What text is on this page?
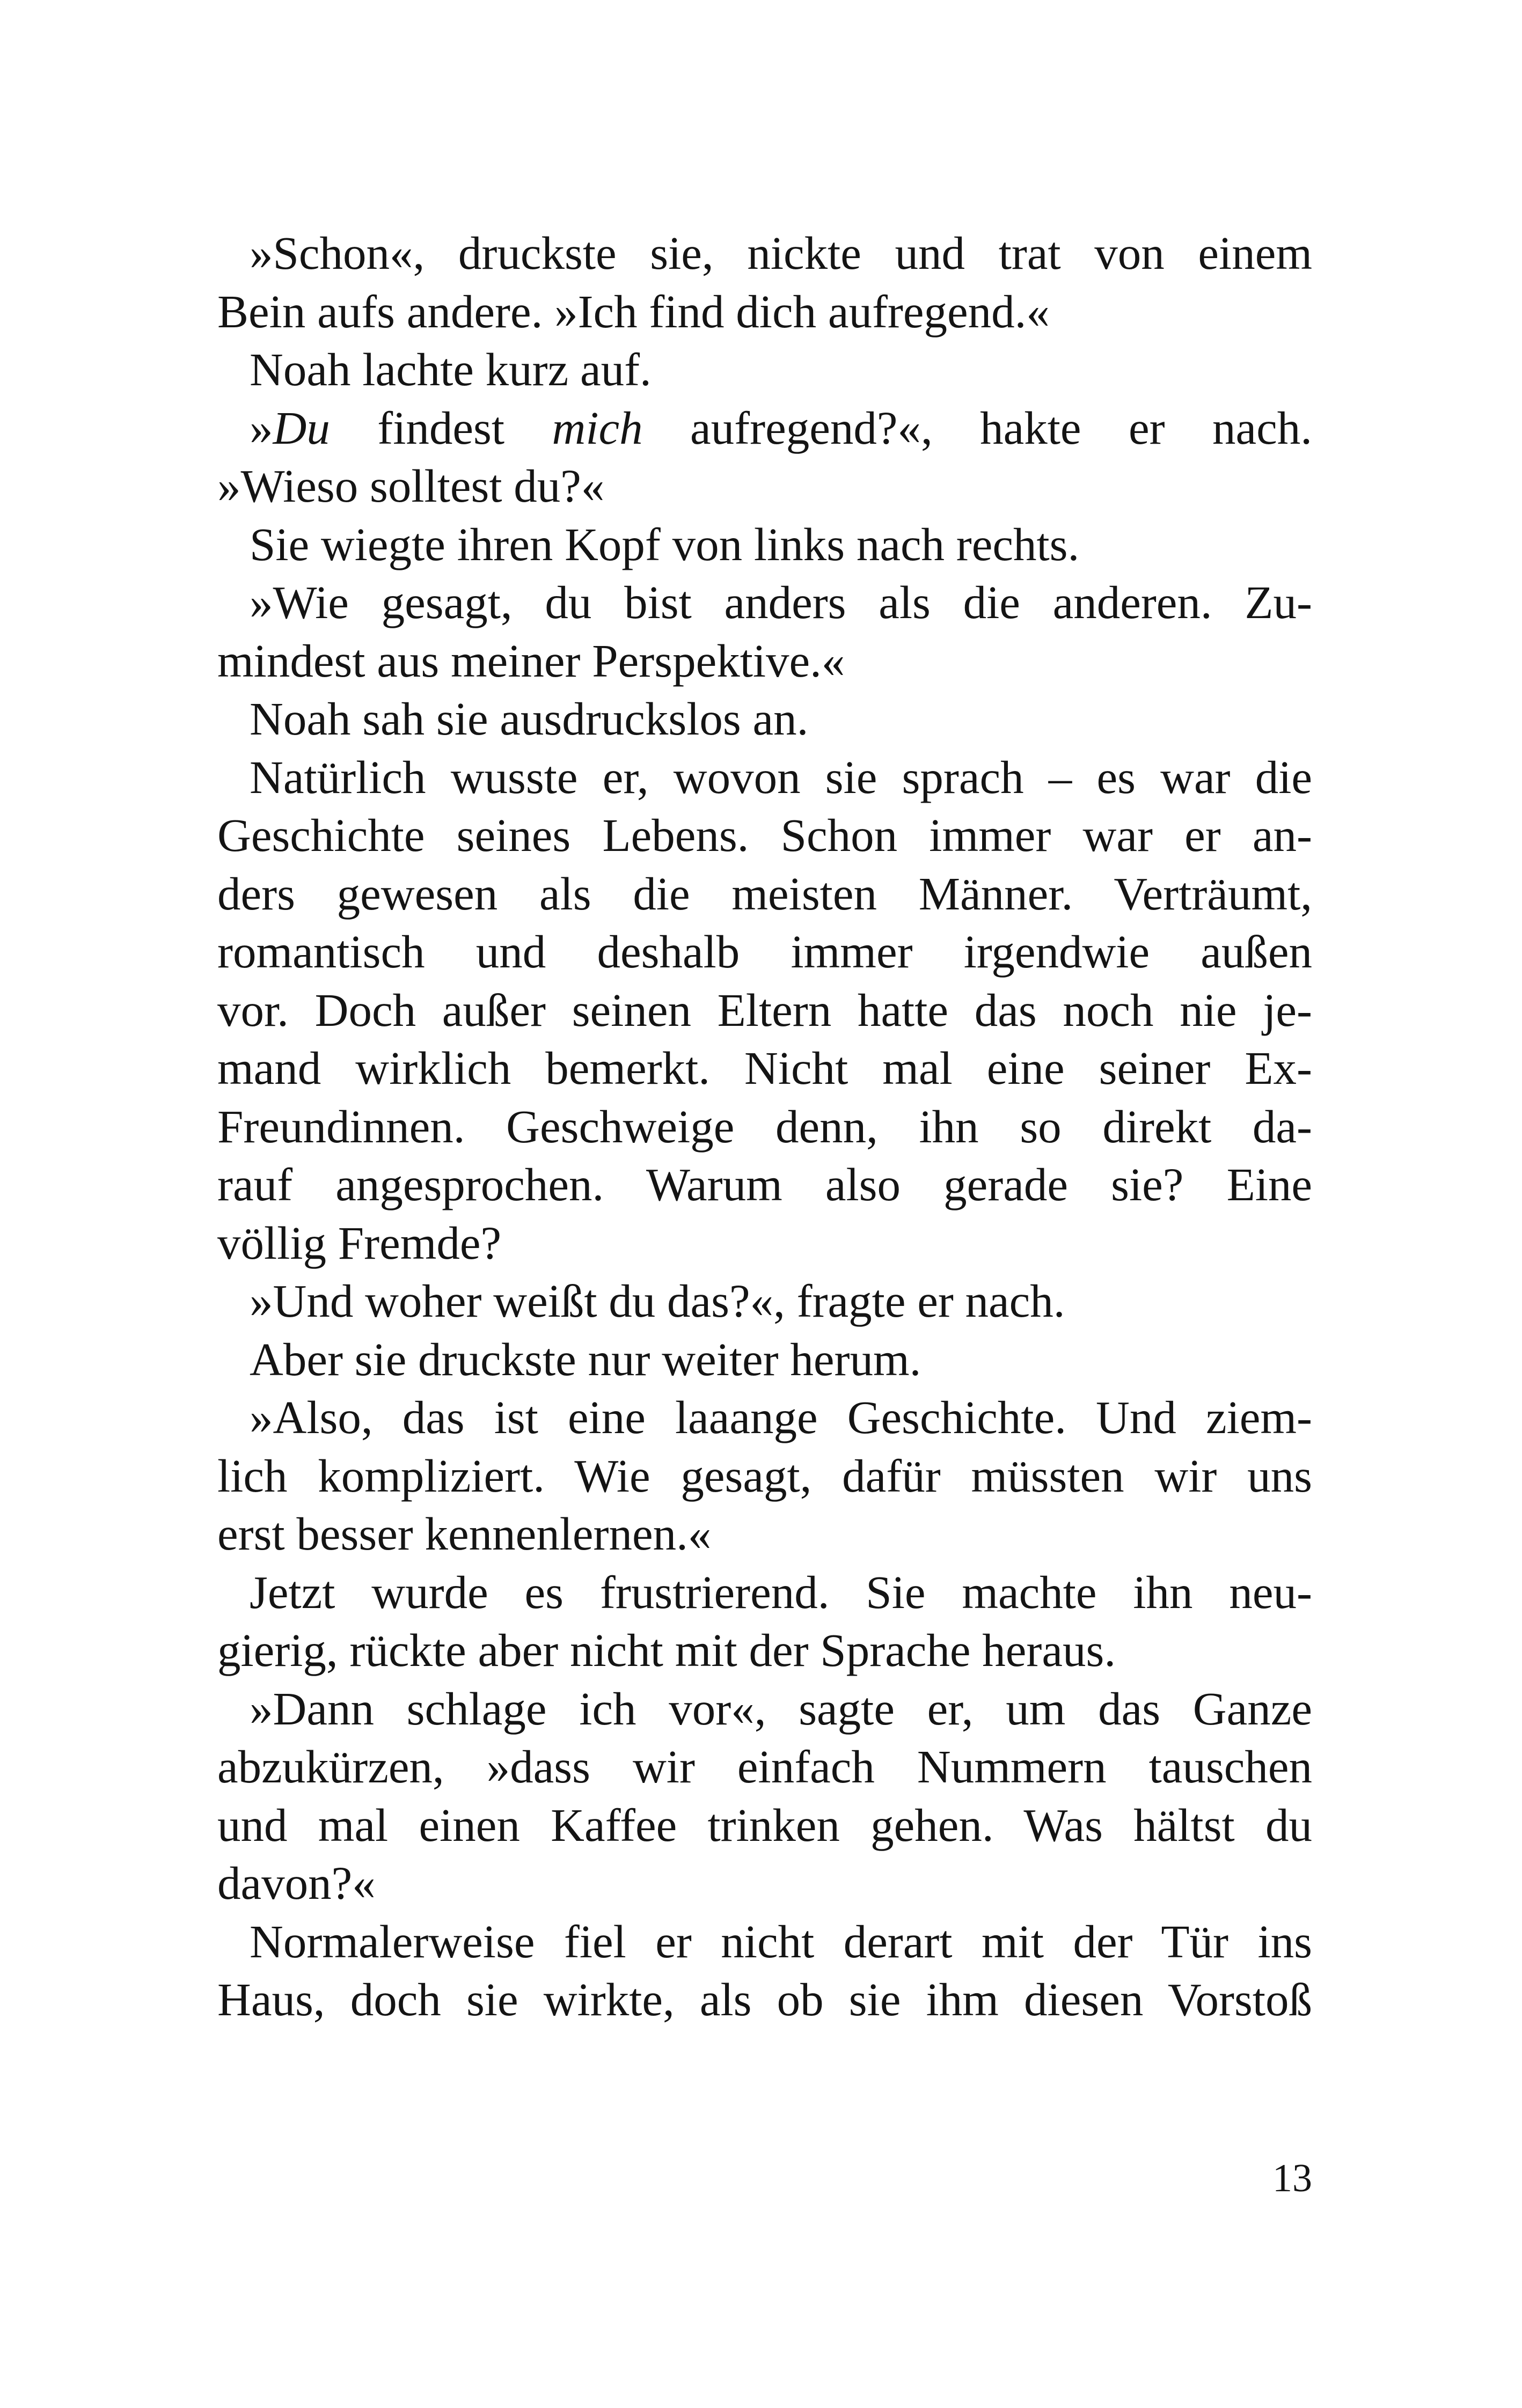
»Schon«, druckste sie, nickte und trat von einem
Bein aufs andere. »Ich find dich aufregend.«
Noah lachte kurz auf.
»Du findest mich aufregend?«, hakte er nach.
»Wieso solltest du?«
Sie wiegte ihren Kopf von links nach rechts.
»Wie gesagt, du bist anders als die anderen. Zu-
mindest aus meiner Perspektive.«
Noah sah sie ausdruckslos an.
Natürlich wusste er, wovon sie sprach – es war die
Geschichte seines Lebens. Schon immer war er an-
ders gewesen als die meisten Männer. Verträumt,
romantisch und deshalb immer irgendwie außen
vor. Doch außer seinen Eltern hatte das noch nie je-
mand wirklich bemerkt. Nicht mal eine seiner Ex-
Freundinnen. Geschweige denn, ihn so direkt da-
rauf angesprochen. Warum also gerade sie? Eine
völlig Fremde?
»Und woher weißt du das?«, fragte er nach.
Aber sie druckste nur weiter herum.
»Also, das ist eine laaange Geschichte. Und ziem-
lich kompliziert. Wie gesagt, dafür müssten wir uns
erst besser kennenlernen.«
Jetzt wurde es frustrierend. Sie machte ihn neu-
gierig, rückte aber nicht mit der Sprache heraus.
»Dann schlage ich vor«, sagte er, um das Ganze
abzukürzen, »dass wir einfach Nummern tauschen
und mal einen Kaffee trinken gehen. Was hältst du
davon?«
Normalerweise fiel er nicht derart mit der Tür ins
Haus, doch sie wirkte, als ob sie ihm diesen Vorstoß
13
